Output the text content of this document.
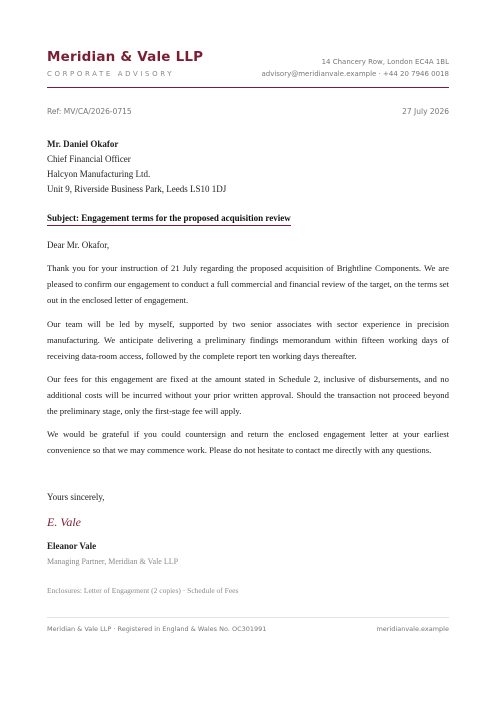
Meridian & Vale LLP
CORPORATE ADVISORY
14 Chancery Row, London EC4A 1BL
advisory@meridianvale.example · +44 20 7946 0018
Ref: MV/CA/2026-0715	27 July 2026
Mr. Daniel Okafor
Chief Financial Officer
Halcyon Manufacturing Ltd.
Unit 9, Riverside Business Park, Leeds LS10 1DJ
Subject: Engagement terms for the proposed acquisition review
Dear Mr. Okafor,

Thank you for your instruction of 21 July regarding the proposed acquisition of Brightline Components. We are pleased to confirm our engagement to conduct a full commercial and financial review of the target, on the terms set out in the enclosed letter of engagement.

Our team will be led by myself, supported by two senior associates with sector experience in precision manufacturing. We anticipate delivering a preliminary findings memorandum within fifteen working days of receiving data-room access, followed by the complete report ten working days thereafter.

Our fees for this engagement are fixed at the amount stated in Schedule 2, inclusive of disbursements, and no additional costs will be incurred without your prior written approval. Should the transaction not proceed beyond the preliminary stage, only the first-stage fee will apply.

We would be grateful if you could countersign and return the enclosed engagement letter at your earliest convenience so that we may commence work. Please do not hesitate to contact me directly with any questions.

Yours sincerely,
E. Vale
Eleanor Vale
Managing Partner, Meridian & Vale LLP
Enclosures: Letter of Engagement (2 copies) · Schedule of Fees
Meridian & Vale LLP · Registered in England & Wales No. OC301991	meridianvale.example
